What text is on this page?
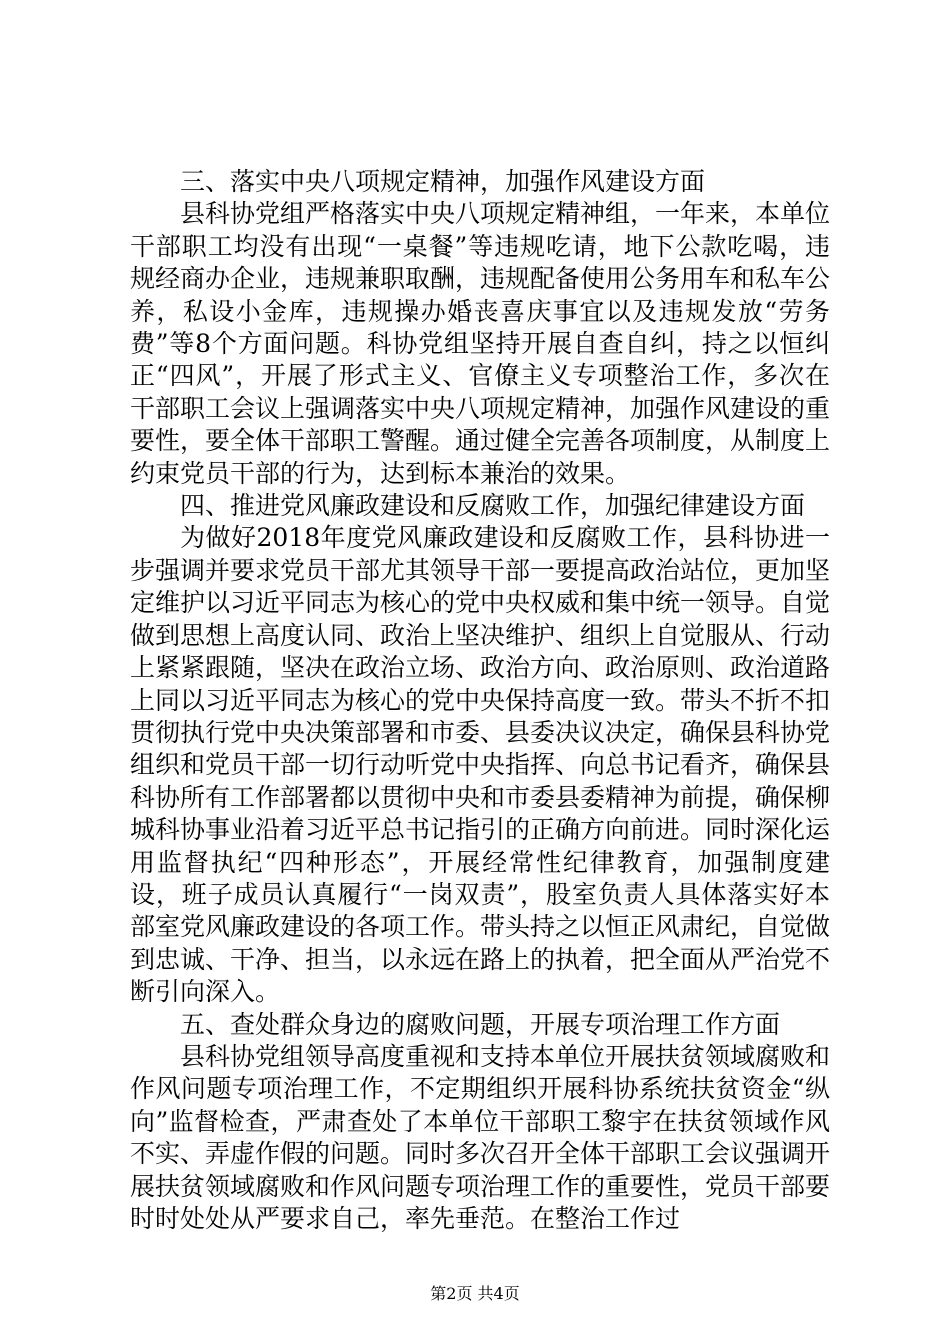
三、落实中央八项规定精神，加强作风建设方面

县科协党组严格落实中央八项规定精神组，一年来，本单位干部职工均没有出现“一桌餐”等违规吃请，地下公款吃喝，违规经商办企业，违规兼职取酬，违规配备使用公务用车和私车公养，私设小金库，违规操办婚丧喜庆事宜以及违规发放“劳务费”等8个方面问题。科协党组坚持开展自查自纠，持之以恒纠正“四风”，开展了形式主义、官僚主义专项整治工作，多次在干部职工会议上强调落实中央八项规定精神，加强作风建设的重要性，要全体干部职工警醒。通过健全完善各项制度，从制度上约束党员干部的行为，达到标本兼治的效果。

四、推进党风廉政建设和反腐败工作，加强纪律建设方面

为做好2018年度党风廉政建设和反腐败工作，县科协进一步强调并要求党员干部尤其领导干部一要提高政治站位，更加坚定维护以习近平同志为核心的党中央权威和集中统一领导。自觉做到思想上高度认同、政治上坚决维护、组织上自觉服从、行动上紧紧跟随，坚决在政治立场、政治方向、政治原则、政治道路上同以习近平同志为核心的党中央保持高度一致。带头不折不扣贯彻执行党中央决策部署和市委、县委决议决定，确保县科协党组织和党员干部一切行动听党中央指挥、向总书记看齐，确保县科协所有工作部署都以贯彻中央和市委县委精神为前提，确保柳城科协事业沿着习近平总书记指引的正确方向前进。同时深化运用监督执纪“四种形态”，开展经常性纪律教育，加强制度建设，班子成员认真履行“一岗双责”，股室负责人具体落实好本部室党风廉政建设的各项工作。带头持之以恒正风肃纪，自觉做到忠诚、干净、担当，以永远在路上的执着，把全面从严治党不断引向深入。

五、查处群众身边的腐败问题，开展专项治理工作方面

县科协党组领导高度重视和支持本单位开展扶贫领域腐败和作风问题专项治理工作，不定期组织开展科协系统扶贫资金“纵向”监督检查，严肃查处了本单位干部职工黎宇在扶贫领域作风不实、弄虚作假的问题。同时多次召开全体干部职工会议强调开展扶贫领域腐败和作风问题专项治理工作的重要性，党员干部要时时处处从严要求自己，率先垂范。在整治工作过

第2页 共4页
